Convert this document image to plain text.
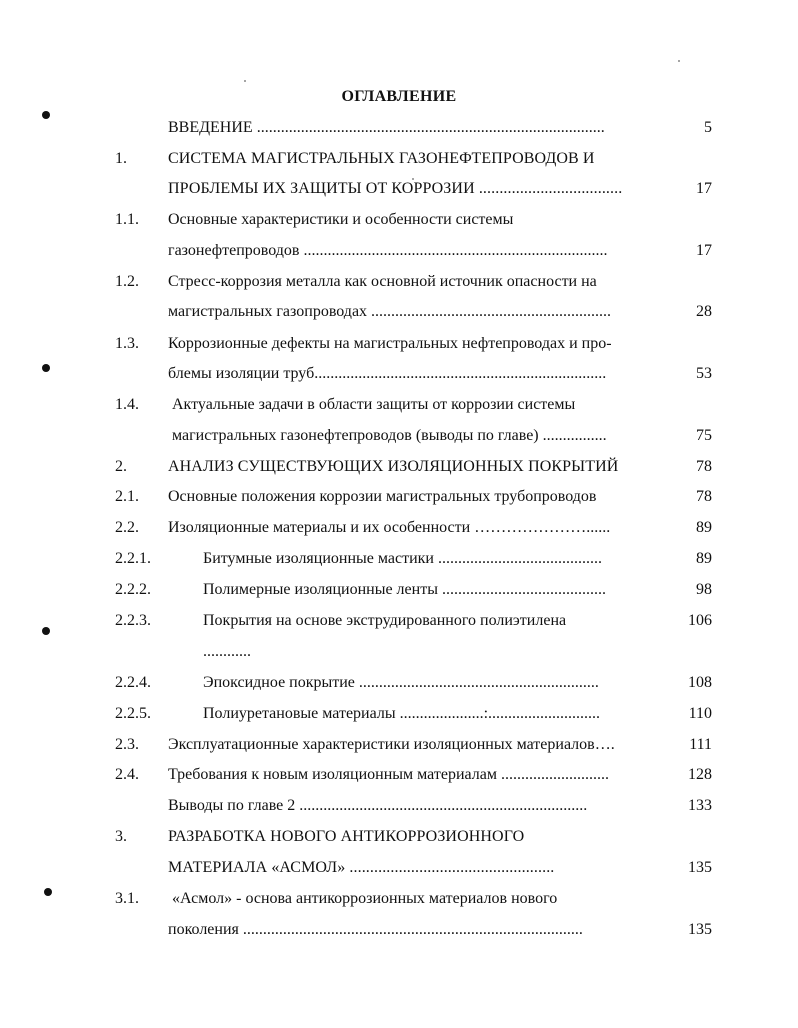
ОГЛАВЛЕНИЕ
ВВЕДЕНИЕ .......................................................................................	5
1.	СИСТЕМА МАГИСТРАЛЬНЫХ ГАЗОНЕФТЕПРОВОДОВ И
ПРОБЛЕМЫ ИХ ЗАЩИТЫ ОТ КОРРОЗИИ ...................................	17
1.1. Основные характеристики и особенности системы
газонефтепроводов ............................................................................	17
1.2. Стресс-коррозия металла как основной источник опасности на
магистральных газопроводах ............................................................	28
1.3. Коррозионные дефекты на магистральных нефтепроводах и про-
блемы изоляции труб.........................................................................	53
1.4. Актуальные задачи в области защиты от коррозии системы
магистральных газонефтепроводов (выводы по главе) ................	75
2.	АНАЛИЗ СУЩЕСТВУЮЩИХ ИЗОЛЯЦИОННЫХ ПОКРЫТИЙ	78
2.1. Основные положения коррозии магистральных трубопроводов	78
2.2. Изоляционные материалы и их особенности …………………......	89
2.2.1.	Битумные изоляционные мастики .........................................	89
2.2.2.	Полимерные изоляционные ленты .........................................	98
2.2.3.	Покрытия на основе экструдированного полиэтилена	106
............
2.2.4.	Эпоксидное покрытие ............................................................	108
2.2.5.	Полиуретановые материалы .....................:............................	110
2.3. Эксплуатационные характеристики изоляционных материалов….	111
2.4. Требования к новым изоляционным материалам ...........................	128
Выводы по главе 2 ........................................................................	133
3.	РАЗРАБОТКА НОВОГО АНТИКОРРОЗИОННОГО
МАТЕРИАЛА «АСМОЛ» ..................................................	135
3.1. «Асмол» - основа антикоррозионных материалов нового
поколения .....................................................................................	135
